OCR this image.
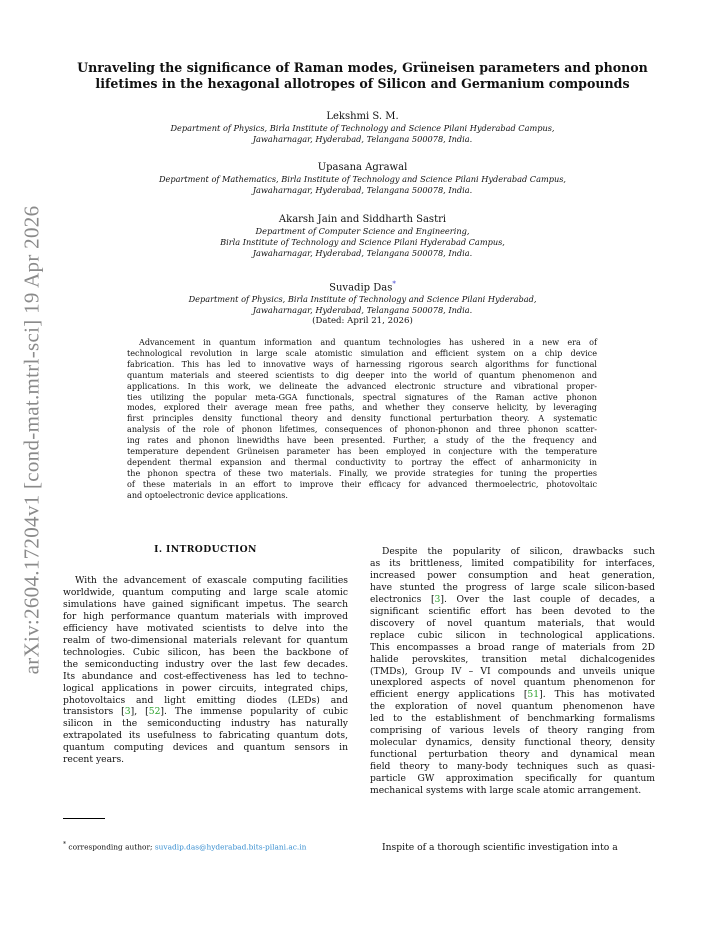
arXiv:2604.17204v1 [cond-mat.mtrl-sci] 19 Apr 2026
Unraveling the significance of Raman modes, Grüneisen parameters and phonon
lifetimes in the hexagonal allotropes of Silicon and Germanium compounds
Lekshmi S. M.
Department of Physics, Birla Institute of Technology and Science Pilani Hyderabad Campus,
Jawaharnagar, Hyderabad, Telangana 500078, India.
Upasana Agrawal
Department of Mathematics, Birla Institute of Technology and Science Pilani Hyderabad Campus,
Jawaharnagar, Hyderabad, Telangana 500078, India.
Akarsh Jain and Siddharth Sastri
Department of Computer Science and Engineering,
Birla Institute of Technology and Science Pilani Hyderabad Campus,
Jawaharnagar, Hyderabad, Telangana 500078, India.
Suvadip Das*
Department of Physics, Birla Institute of Technology and Science Pilani Hyderabad,
Jawaharnagar, Hyderabad, Telangana 500078, India.
(Dated: April 21, 2026)
Advancement in quantum information and quantum technologies has ushered in a new era of
technological revolution in large scale atomistic simulation and efficient system on a chip device
fabrication. This has led to innovative ways of harnessing rigorous search algorithms for functional
quantum materials and steered scientists to dig deeper into the world of quantum phenomenon and
applications. In this work, we delineate the advanced electronic structure and vibrational proper-
ties utilizing the popular meta-GGA functionals, spectral signatures of the Raman active phonon
modes, explored their average mean free paths, and whether they conserve helicity, by leveraging
first principles density functional theory and density functional perturbation theory. A systematic
analysis of the role of phonon lifetimes, consequences of phonon-phonon and three phonon scatter-
ing rates and phonon linewidths have been presented. Further, a study of the the frequency and
temperature dependent Grüneisen parameter has been employed in conjecture with the temperature
dependent thermal expansion and thermal conductivity to portray the effect of anharmonicity in
the phonon spectra of these two materials. Finally, we provide strategies for tuning the properties
of these materials in an effort to improve their efficacy for advanced thermoelectric, photovoltaic
and optoelectronic device applications.
I. INTRODUCTION
With the advancement of exascale computing facilities
worldwide, quantum computing and large scale atomic
simulations have gained significant impetus. The search
for high performance quantum materials with improved
efficiency have motivated scientists to delve into the
realm of two-dimensional materials relevant for quantum
technologies. Cubic silicon, has been the backbone of
the semiconducting industry over the last few decades.
Its abundance and cost-effectiveness has led to techno-
logical applications in power circuits, integrated chips,
photovoltaics and light emitting diodes (LEDs) and
transistors [3], [52]. The immense popularity of cubic
silicon in the semiconducting industry has naturally
extrapolated its usefulness to fabricating quantum dots,
quantum computing devices and quantum sensors in
recent years.
Despite the popularity of silicon, drawbacks such
as its brittleness, limited compatibility for interfaces,
increased power consumption and heat generation,
have stunted the progress of large scale silicon-based
electronics [3]. Over the last couple of decades, a
significant scientific effort has been devoted to the
discovery of novel quantum materials, that would
replace cubic silicon in technological applications.
This encompasses a broad range of materials from 2D
halide perovskites, transition metal dichalcogenides
(TMDs), Group IV – VI compounds and unveils unique
unexplored aspects of novel quantum phenomenon for
efficient energy applications [51]. This has motivated
the exploration of novel quantum phenomenon have
led to the establishment of benchmarking formalisms
comprising of various levels of theory ranging from
molecular dynamics, density functional theory, density
functional perturbation theory and dynamical mean
field theory to many-body techniques such as quasi-
particle GW approximation specifically for quantum
mechanical systems with large scale atomic arrangement.
Inspite of a thorough scientific investigation into a
* corresponding author; suvadip.das@hyderabad.bits-pilani.ac.in
